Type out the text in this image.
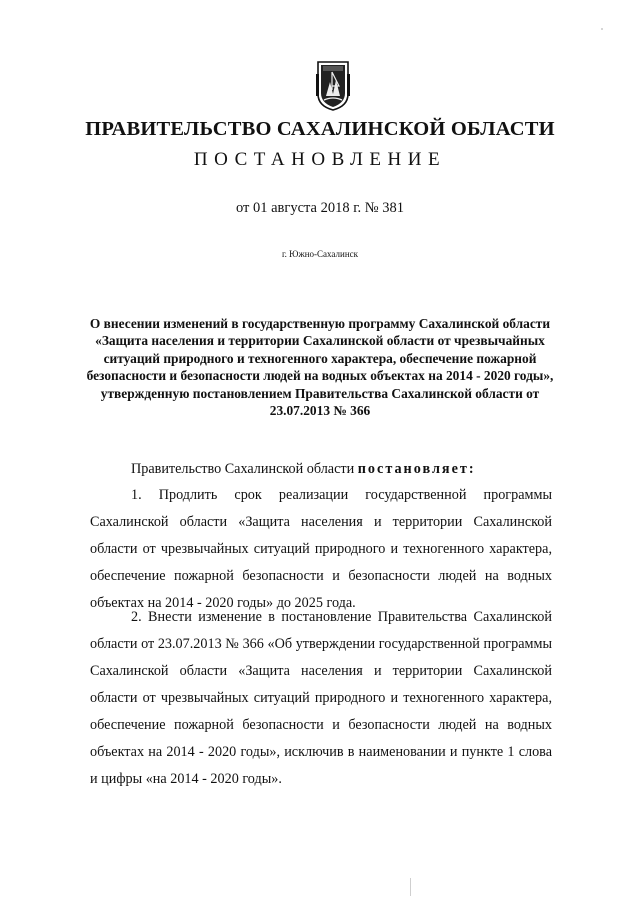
ПРАВИТЕЛЬСТВО САХАЛИНСКОЙ ОБЛАСТИ
ПОСТАНОВЛЕНИЕ
от 01 августа 2018 г. № 381
г. Южно-Сахалинск
О внесении изменений в государственную программу Сахалинской области «Защита населения и территории Сахалинской области от чрезвычайных ситуаций природного и техногенного характера, обеспечение пожарной безопасности и безопасности людей на водных объектах на 2014 - 2020 годы», утвержденную постановлением Правительства Сахалинской области от 23.07.2013 № 366
Правительство Сахалинской области постановляет:

1. Продлить срок реализации государственной программы Сахалинской области «Защита населения и территории Сахалинской области от чрезвычайных ситуаций природного и техногенного характера, обеспечение пожарной безопасности и безопасности людей на водных объектах на 2014 - 2020 годы» до 2025 года.

2. Внести изменение в постановление Правительства Сахалинской области от 23.07.2013 № 366 «Об утверждении государственной программы Сахалинской области «Защита населения и территории Сахалинской области от чрезвычайных ситуаций природного и техногенного характера, обеспечение пожарной безопасности и безопасности людей на водных объектах на 2014 - 2020 годы», исключив в наименовании и пункте 1 слова и цифры «на 2014 - 2020 годы».
